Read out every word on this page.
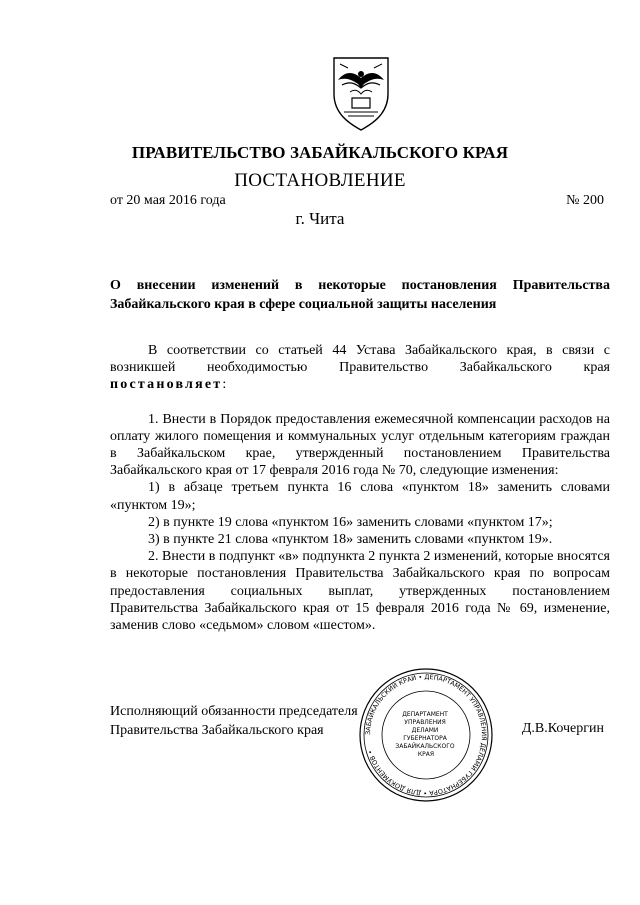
ПРАВИТЕЛЬСТВО ЗАБАЙКАЛЬСКОГО КРАЯ
ПОСТАНОВЛЕНИЕ
от 20 мая 2016 года	№ 200
г. Чита
О внесении изменений в некоторые постановления Правительства Забайкальского края в сфере социальной защиты населения

В соответствии со статьей 44 Устава Забайкальского края, в связи с возникшей необходимостью Правительство Забайкальского края постановляет:

1. Внести в Порядок предоставления ежемесячной компенсации расходов на оплату жилого помещения и коммунальных услуг отдельным категориям граждан в Забайкальском крае, утвержденный постановлением Правительства Забайкальского края от 17 февраля 2016 года № 70, следующие изменения:

1) в абзаце третьем пункта 16 слова «пунктом 18» заменить словами «пунктом 19»;

2) в пункте 19 слова «пунктом 16» заменить словами «пунктом 17»;

3) в пункте 21 слова «пунктом 18» заменить словами «пунктом 19».

2. Внести в подпункт «в» подпункта 2 пункта 2 изменений, которые вносятся в некоторые постановления Правительства Забайкальского края по вопросам предоставления социальных выплат, утвержденных постановлением Правительства Забайкальского края от 15 февраля 2016 года № 69, изменение, заменив слово «седьмом» словом «шестом».

Исполняющий обязанности председателя
Правительства Забайкальского края	Д.В.Кочергин
ЗАБАЙКАЛЬСКИЙ КРАЙ • ДЕПАРТАМЕНТ УПРАВЛЕНИЯ ДЕЛАМИ ГУБЕРНАТОРА • ДЛЯ ДОКУМЕНТОВ •
ДЕПАРТАМЕНТ УПРАВЛЕНИЯ ДЕЛАМИ ГУБЕРНАТОРА ЗАБАЙКАЛЬСКОГО КРАЯ
